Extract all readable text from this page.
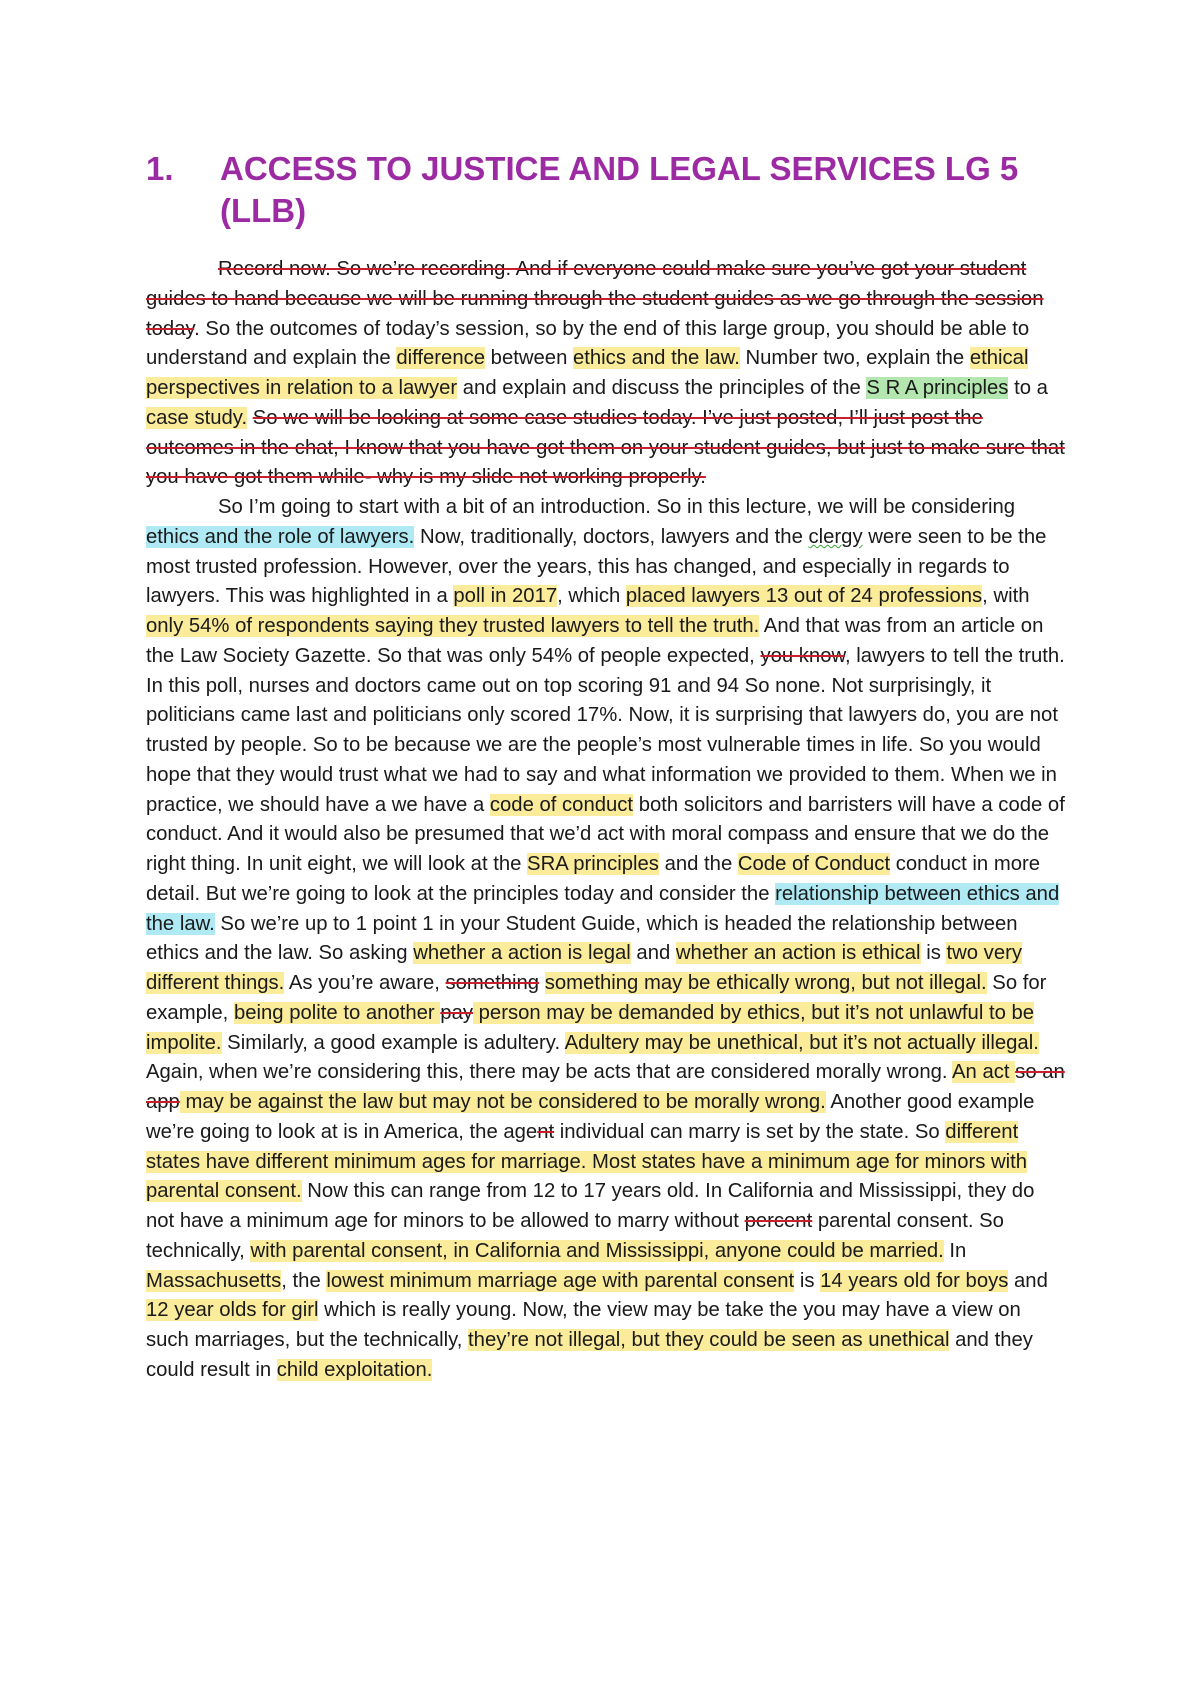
1. ACCESS TO JUSTICE AND LEGAL SERVICES LG 5 (LLB)

Record now. So we’re recording. And if everyone could make sure you’ve got your student guides to hand because we will be running through the student guides as we go through the session today. So the outcomes of today’s session, so by the end of this large group, you should be able to understand and explain the difference between ethics and the law. Number two, explain the ethical perspectives in relation to a lawyer and explain and discuss the principles of the S R A principles to a case study. So we will be looking at some case studies today. I’ve just posted, I’ll just post the outcomes in the chat, I know that you have got them on your student guides, but just to make sure that you have got them while- why is my slide not working properly.

So I’m going to start with a bit of an introduction. So in this lecture, we will be considering ethics and the role of lawyers. Now, traditionally, doctors, lawyers and the clergy were seen to be the most trusted profession. However, over the years, this has changed, and especially in regards to lawyers. This was highlighted in a poll in 2017, which placed lawyers 13 out of 24 professions, with only 54% of respondents saying they trusted lawyers to tell the truth. And that was from an article on the Law Society Gazette. So that was only 54% of people expected, you know, lawyers to tell the truth. In this poll, nurses and doctors came out on top scoring 91 and 94 So none. Not surprisingly, it politicians came last and politicians only scored 17%. Now, it is surprising that lawyers do, you are not trusted by people. So to be because we are the people’s most vulnerable times in life. So you would hope that they would trust what we had to say and what information we provided to them. When we in practice, we should have a we have a code of conduct both solicitors and barristers will have a code of conduct. And it would also be presumed that we’d act with moral compass and ensure that we do the right thing. In unit eight, we will look at the SRA principles and the Code of Conduct conduct in more detail. But we’re going to look at the principles today and consider the relationship between ethics and the law. So we’re up to 1 point 1 in your Student Guide, which is headed the relationship between ethics and the law. So asking whether a action is legal and whether an action is ethical is two very different things. As you’re aware, something something may be ethically wrong, but not illegal. So for example, being polite to another pay person may be demanded by ethics, but it’s not unlawful to be impolite. Similarly, a good example is adultery. Adultery may be unethical, but it’s not actually illegal. Again, when we’re considering this, there may be acts that are considered morally wrong. An act so an app may be against the law but may not be considered to be morally wrong. Another good example we’re going to look at is in America, the agent individual can marry is set by the state. So different states have different minimum ages for marriage. Most states have a minimum age for minors with parental consent. Now this can range from 12 to 17 years old. In California and Mississippi, they do not have a minimum age for minors to be allowed to marry without percent parental consent. So technically, with parental consent, in California and Mississippi, anyone could be married. In Massachusetts, the lowest minimum marriage age with parental consent is 14 years old for boys and 12 year olds for girl which is really young. Now, the view may be take the you may have a view on such marriages, but the technically, they’re not illegal, but they could be seen as unethical and they could result in child exploitation.
